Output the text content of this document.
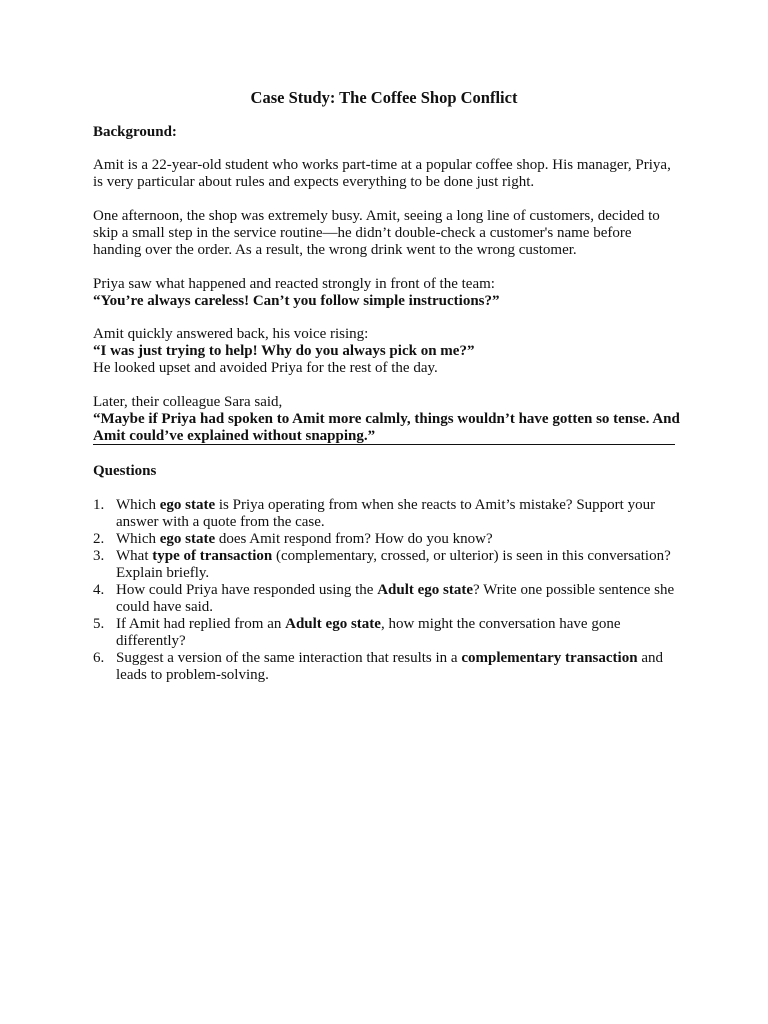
Case Study: The Coffee Shop Conflict
Background:
Amit is a 22-year-old student who works part-time at a popular coffee shop. His manager, Priya, is very particular about rules and expects everything to be done just right.
One afternoon, the shop was extremely busy. Amit, seeing a long line of customers, decided to skip a small step in the service routine—he didn’t double-check a customer's name before handing over the order. As a result, the wrong drink went to the wrong customer.
Priya saw what happened and reacted strongly in front of the team:
“You’re always careless! Can’t you follow simple instructions?”
Amit quickly answered back, his voice rising:
“I was just trying to help! Why do you always pick on me?”
He looked upset and avoided Priya for the rest of the day.
Later, their colleague Sara said,
“Maybe if Priya had spoken to Amit more calmly, things wouldn’t have gotten so tense. And Amit could’ve explained without snapping.”
Questions
1. Which ego state is Priya operating from when she reacts to Amit’s mistake? Support your answer with a quote from the case.
2. Which ego state does Amit respond from? How do you know?
3. What type of transaction (complementary, crossed, or ulterior) is seen in this conversation? Explain briefly.
4. How could Priya have responded using the Adult ego state? Write one possible sentence she could have said.
5. If Amit had replied from an Adult ego state, how might the conversation have gone differently?
6. Suggest a version of the same interaction that results in a complementary transaction and leads to problem-solving.
